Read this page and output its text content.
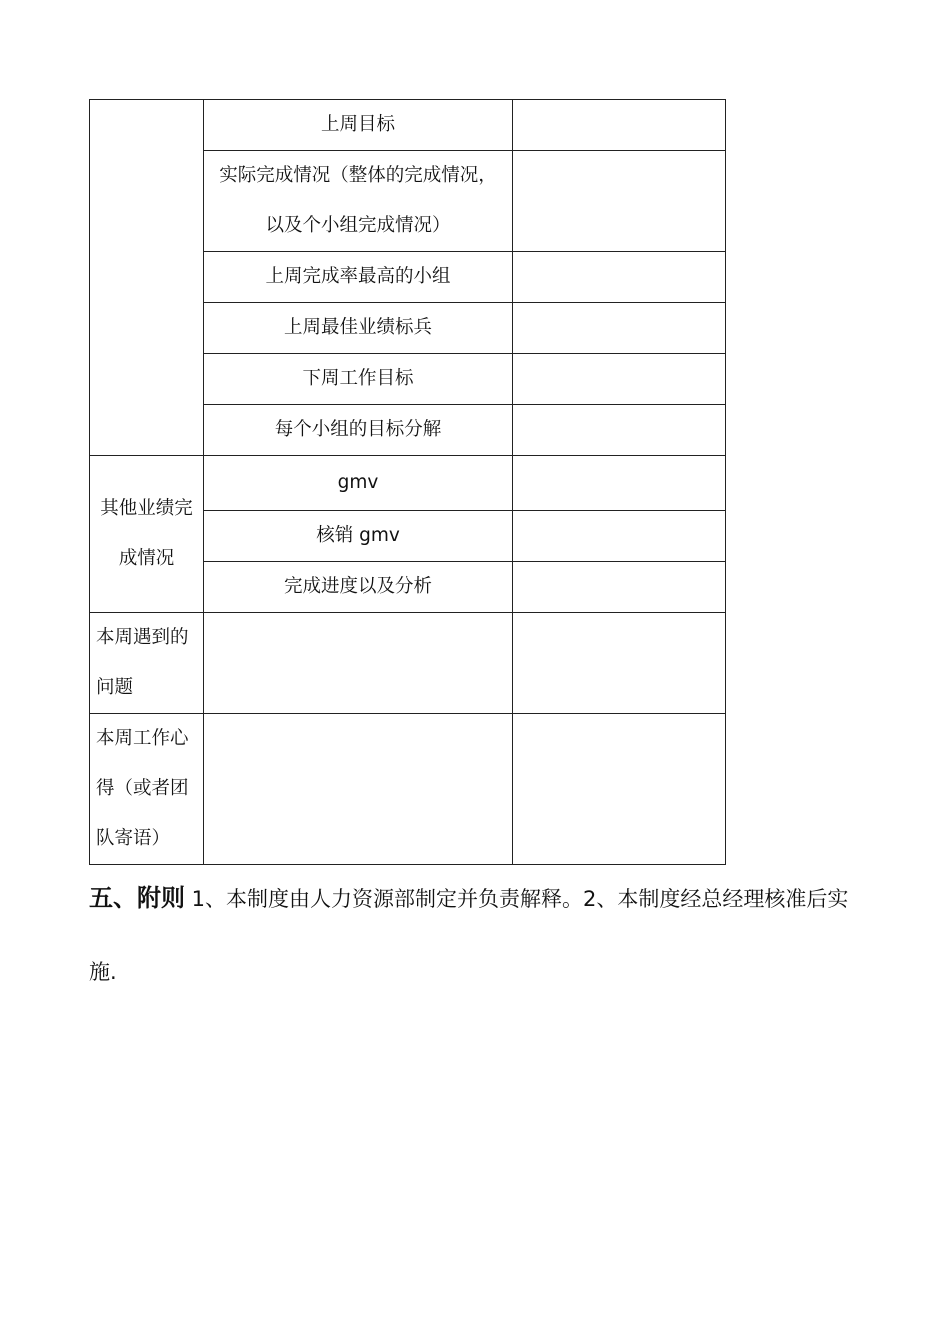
	上周目标	
	实际完成情况（整体的完成情况，
以及个小组完成情况）	
	上周完成率最高的小组	
	上周最佳业绩标兵	
	下周工作目标	
	每个小组的目标分解	
其他业绩完
成情况	gmv	
	核销 gmv	
	完成进度以及分析	

本周遇到的
问题		

本周工作心
得（或者团
队寄语）		

五、附则 1、本制度由人力资源部制定并负责解释。2、本制度经总经理核准后实施.
